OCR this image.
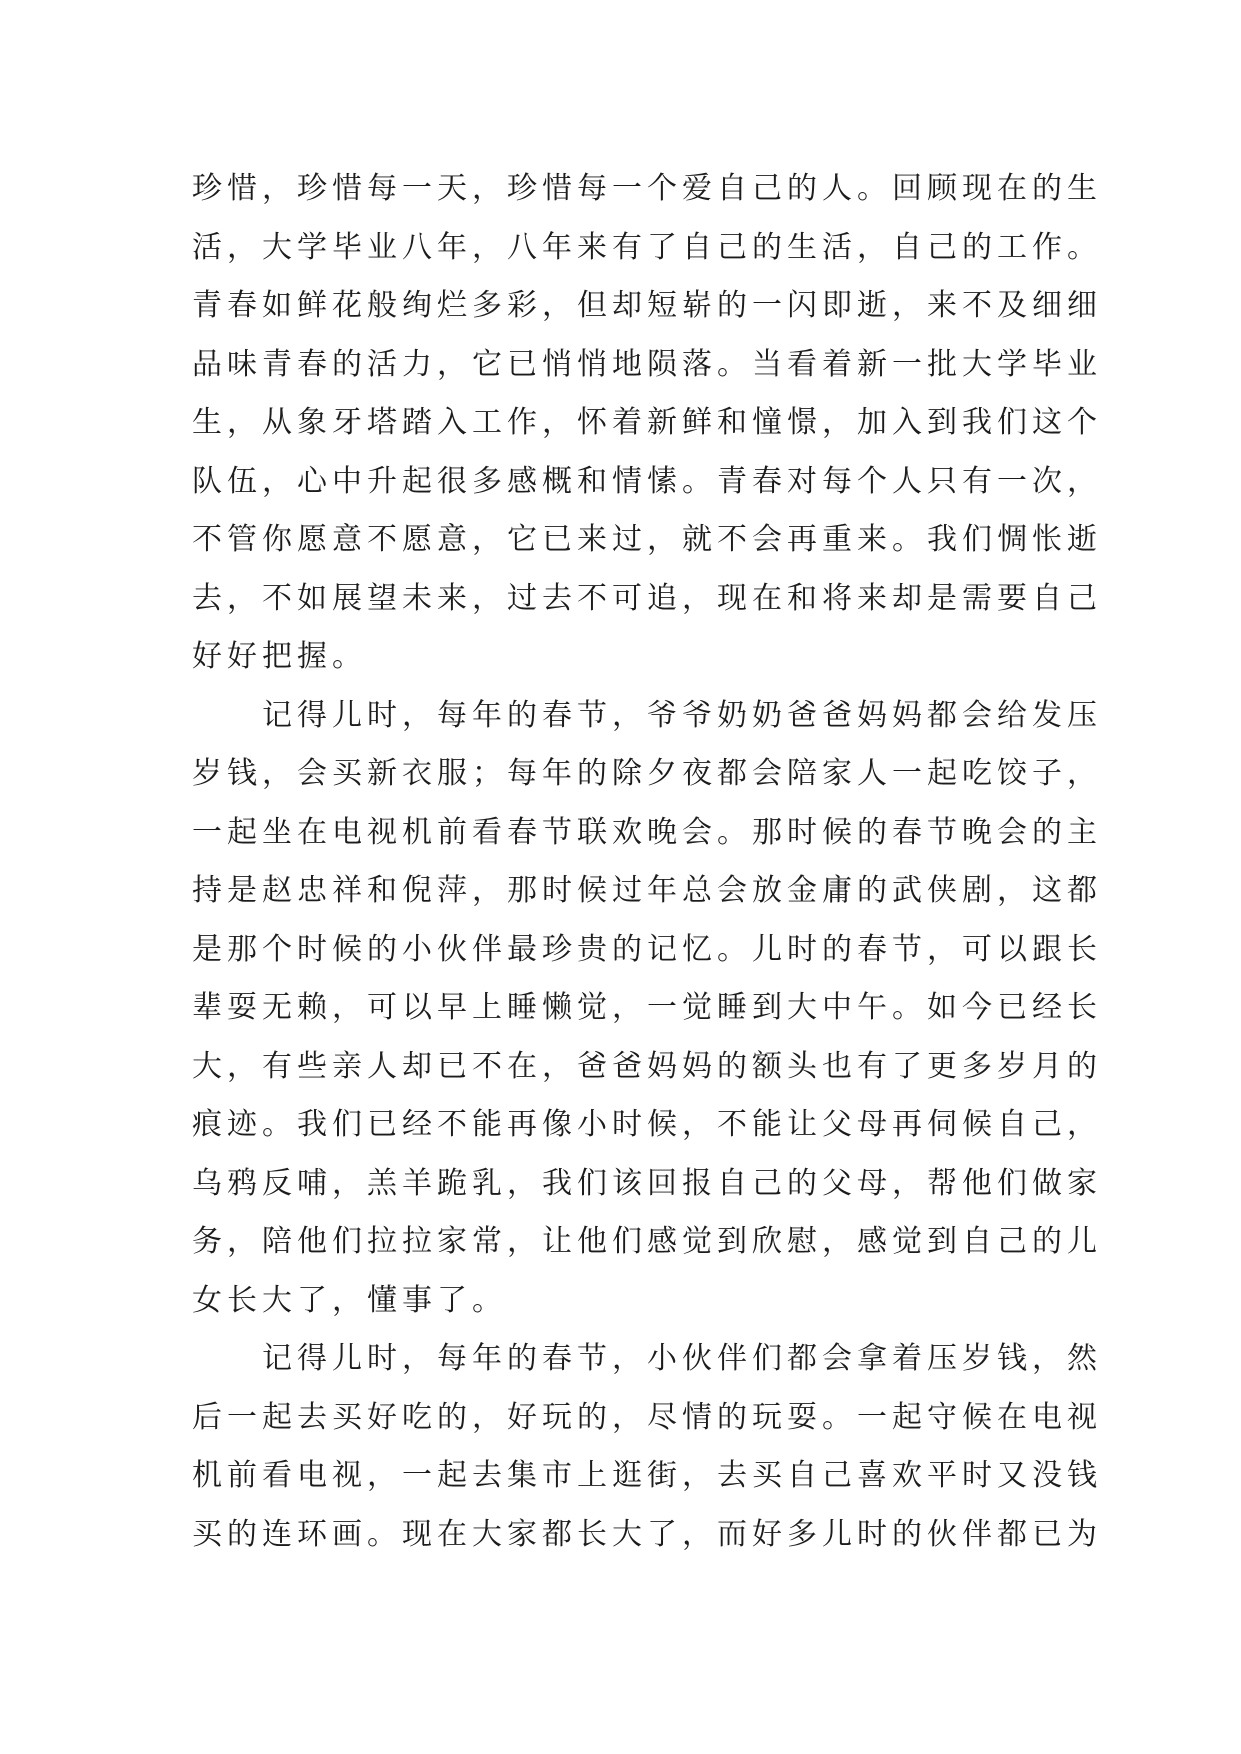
珍惜，珍惜每一天，珍惜每一个爱自己的人。回顾现在的生
活，大学毕业八年，八年来有了自己的生活，自己的工作。
青春如鲜花般绚烂多彩，但却短崭的一闪即逝，来不及细细
品味青春的活力，它已悄悄地陨落。当看着新一批大学毕业
生，从象牙塔踏入工作，怀着新鲜和憧憬，加入到我们这个
队伍，心中升起很多感概和情愫。青春对每个人只有一次，
不管你愿意不愿意，它已来过，就不会再重来。我们惆怅逝
去，不如展望未来，过去不可追，现在和将来却是需要自己
好好把握。
　　记得儿时，每年的春节，爷爷奶奶爸爸妈妈都会给发压
岁钱，会买新衣服；每年的除夕夜都会陪家人一起吃饺子，
一起坐在电视机前看春节联欢晚会。那时候的春节晚会的主
持是赵忠祥和倪萍，那时候过年总会放金庸的武侠剧，这都
是那个时候的小伙伴最珍贵的记忆。儿时的春节，可以跟长
辈耍无赖，可以早上睡懒觉，一觉睡到大中午。如今已经长
大，有些亲人却已不在，爸爸妈妈的额头也有了更多岁月的
痕迹。我们已经不能再像小时候，不能让父母再伺候自己，
乌鸦反哺，羔羊跪乳，我们该回报自己的父母，帮他们做家
务，陪他们拉拉家常，让他们感觉到欣慰，感觉到自己的儿
女长大了，懂事了。
　　记得儿时，每年的春节，小伙伴们都会拿着压岁钱，然
后一起去买好吃的，好玩的，尽情的玩耍。一起守候在电视
机前看电视，一起去集市上逛街，去买自己喜欢平时又没钱
买的连环画。现在大家都长大了，而好多儿时的伙伴都已为
